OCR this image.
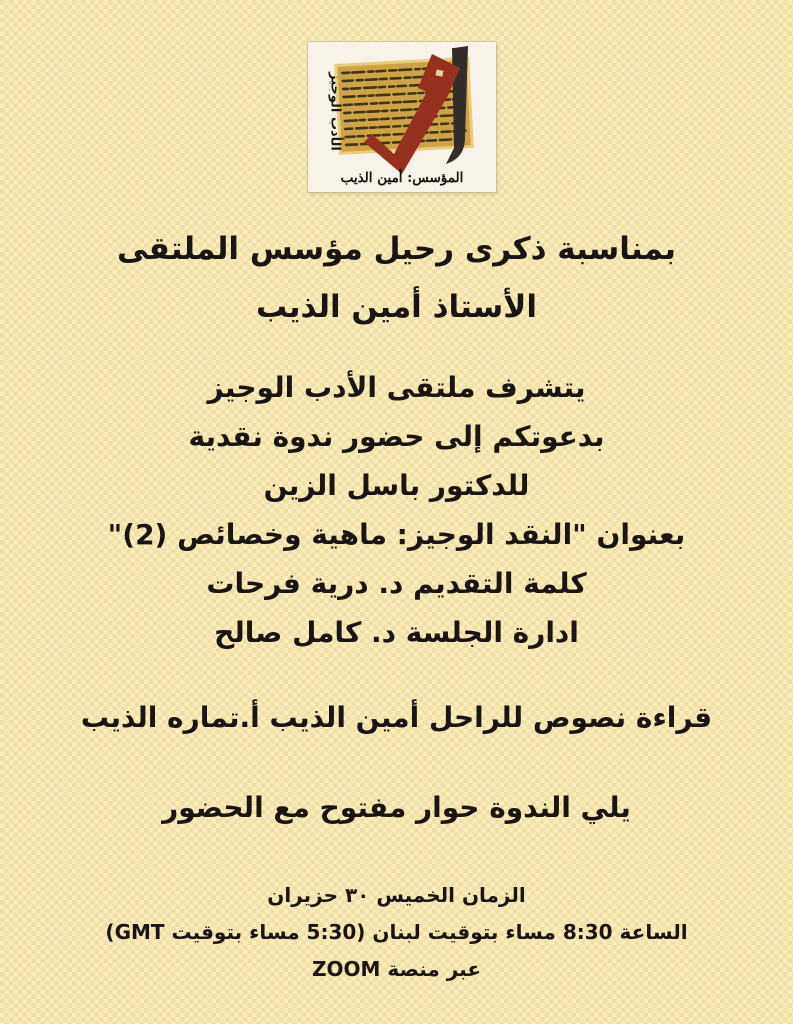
الأدب الوجيز
المؤسس: أمين الذيب
بمناسبة ذكرى رحيل مؤسس الملتقى
الأستاذ أمين الذيب
يتشرف ملتقى الأدب الوجيز
بدعوتكم إلى حضور ندوة نقدية
للدكتور باسل الزين
بعنوان "النقد الوجيز: ماهية وخصائص (2)"
كلمة التقديم د. درية فرحات
ادارة الجلسة د. كامل صالح
قراءة نصوص للراحل أمين الذيب أ.تماره الذيب
يلي الندوة حوار مفتوح مع الحضور
الزمان الخميس ٣٠ حزيران
الساعة 8:30 مساء بتوقيت لبنان (5:30 مساء بتوقيت GMT)
عبر منصة ZOOM
